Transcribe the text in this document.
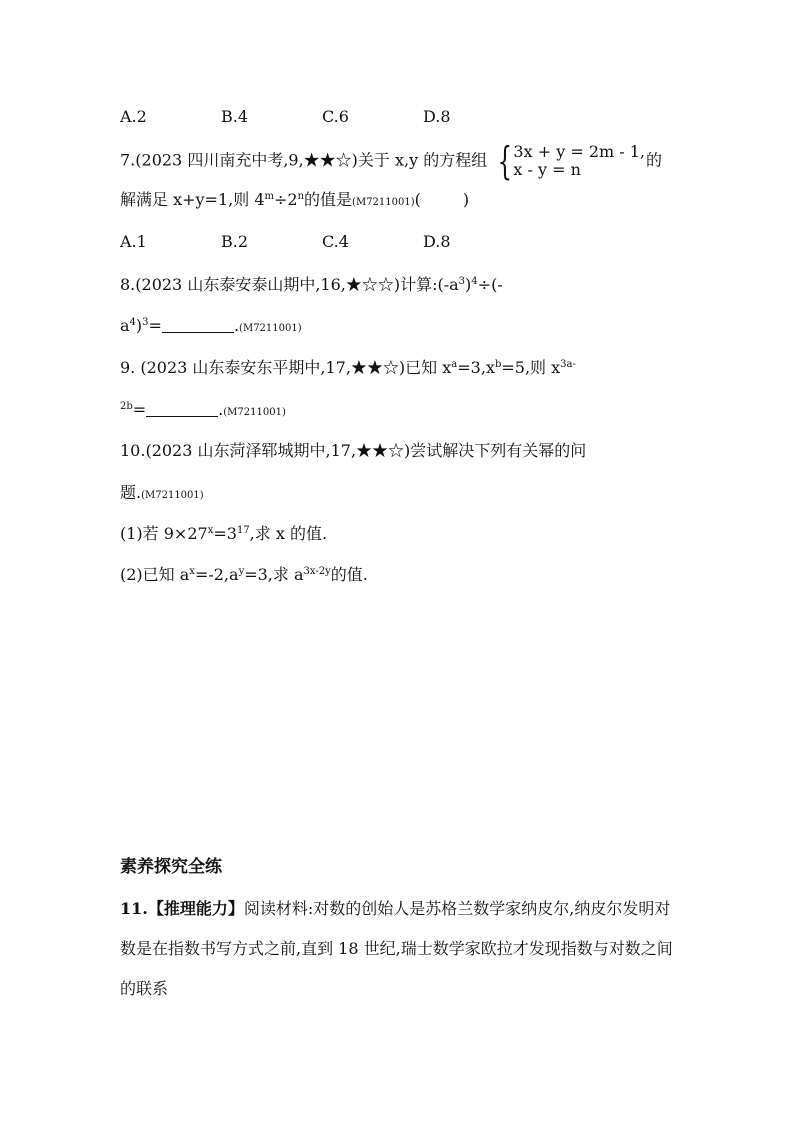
A.2	B.4	C.6	D.8
7.(2023 四川南充中考,9,★★☆)关于 x,y 的方程组 { 3x + y = 2m - 1,
x - y = n	的
解满足 x+y=1,则 $4^m\div 2^n$的值是(M7211001)(	)
A.1	B.2	C.4	D.8
8.(2023 山东泰安泰山期中,16,★☆☆)计算$:(-a^3)^4\div(-$
$a^4)^3=$	.(M7211001)
9. (2023 山东泰安东平期中,17,★★☆)已知 $x^a=3,x^b=5$,则 $x^{3a-}$
$^{2b}$=	.(M7211001)
10.(2023 山东菏泽郓城期中,17,★★☆)尝试解决下列有关幂的问
题.(M7211001)
(1)若 $9\times 27^x=3^{17}$,求 x 的值.
(2)已知 $a^x=-2,a^y=3$,求 $a^{3x-2y}$的值.
素养探究全练
11.【推理能力】阅读材料:对数的创始人是苏格兰数学家纳皮尔,纳皮尔发明对数是在指数书写方式之前,直到 18 世纪,瑞士数学家欧拉才发现指数与对数之间的联系
